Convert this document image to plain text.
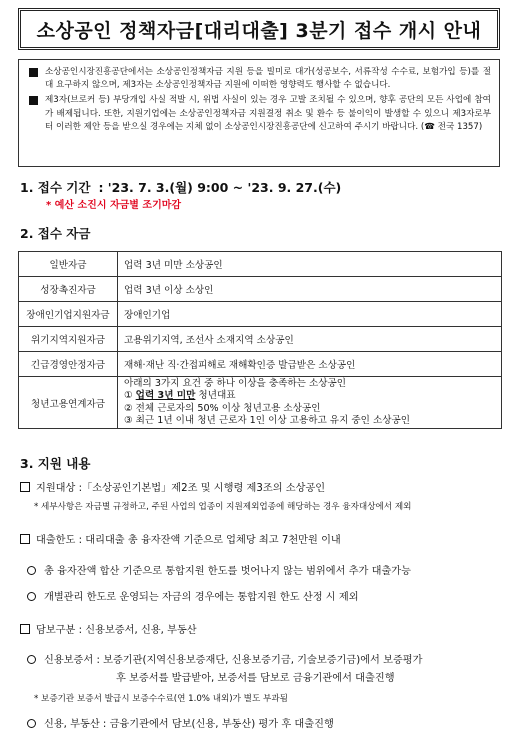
소상공인 정책자금[대리대출] 3분기 접수 개시 안내
소상공인시장진흥공단에서는 소상공인정책자금 지원 등을 빌미로 대가(성공보수, 서류작성 수수료, 보험가입 등)를 절대 요구하지 않으며, 제3자는 소상공인정책자금 지원에 이떠한 영향력도 행사할 수 없습니다.
제3자(브로커 등) 부당개입 사실 적발 시, 위법 사실이 있는 경우 고발 조치될 수 있으며, 향후 공단의 모든 사업에 참여가 배제됩니다. 또한, 지원기업에는 소상공인정책자금 지원결정 취소 및 환수 등 불이익이 발생할 수 있으니 제3자로부터 이러한 제안 등을 받으실 경우에는 지체 없이 소상공인시장진흥공단에 신고하여 주시기 바랍니다. (☎ 전국 1357)
1. 접수 기간 : '23. 7. 3.(월) 9:00 ~ '23. 9. 27.(수)
* 예산 소진시 자금별 조기마감
2. 접수 자금
일반자금	업력 3년 미만 소상공인
성장촉진자금	업력 3년 이상 소상인
장애인기업지원자금	장애인기업
위기지역지원자금	고용위기지역, 조선사 소재지역 소상공인
긴급경영안정자금	재해·재난 직·간접피해로 재해확인증 발급받은 소상공인
청년고용연계자금	아래의 3가지 요건 중 하나 이상을 충족하는 소상공인
① 업력 3년 미만 청년대표
② 전체 근로자의 50% 이상 청년고용 소상공인
③ 최근 1년 이내 청년 근로자 1인 이상 고용하고 유지 중인 소상공인
3. 지원 내용
지원대상 :「소상공인기본법」제2조 및 시행령 제3조의 소상공인
* 세부사항은 자금별 규정하고, 주된 사업의 업종이 지원제외업종에 해당하는 경우 융자대상에서 제외
대출한도 : 대리대출 총 융자잔액 기준으로 업체당 최고 7천만원 이내
총 융자잔액 합산 기준으로 통합지원 한도를 벗어나지 않는 범위에서 추가 대출가능
개별관리 한도로 운영되는 자금의 경우에는 통합지원 한도 산정 시 제외
담보구분 : 신용보증서, 신용, 부동산
신용보증서 : 보증기관(지역신용보증재단, 신용보증기금, 기술보증기금)에서 보증평가
후 보증서를 발급받아, 보증서를 담보로 금융기관에서 대출진행
* 보증기관 보증서 발급시 보증수수료(연 1.0% 내외)가 별도 부과됨
신용, 부동산 : 금융기관에서 담보(신용, 부동산) 평가 후 대출진행
